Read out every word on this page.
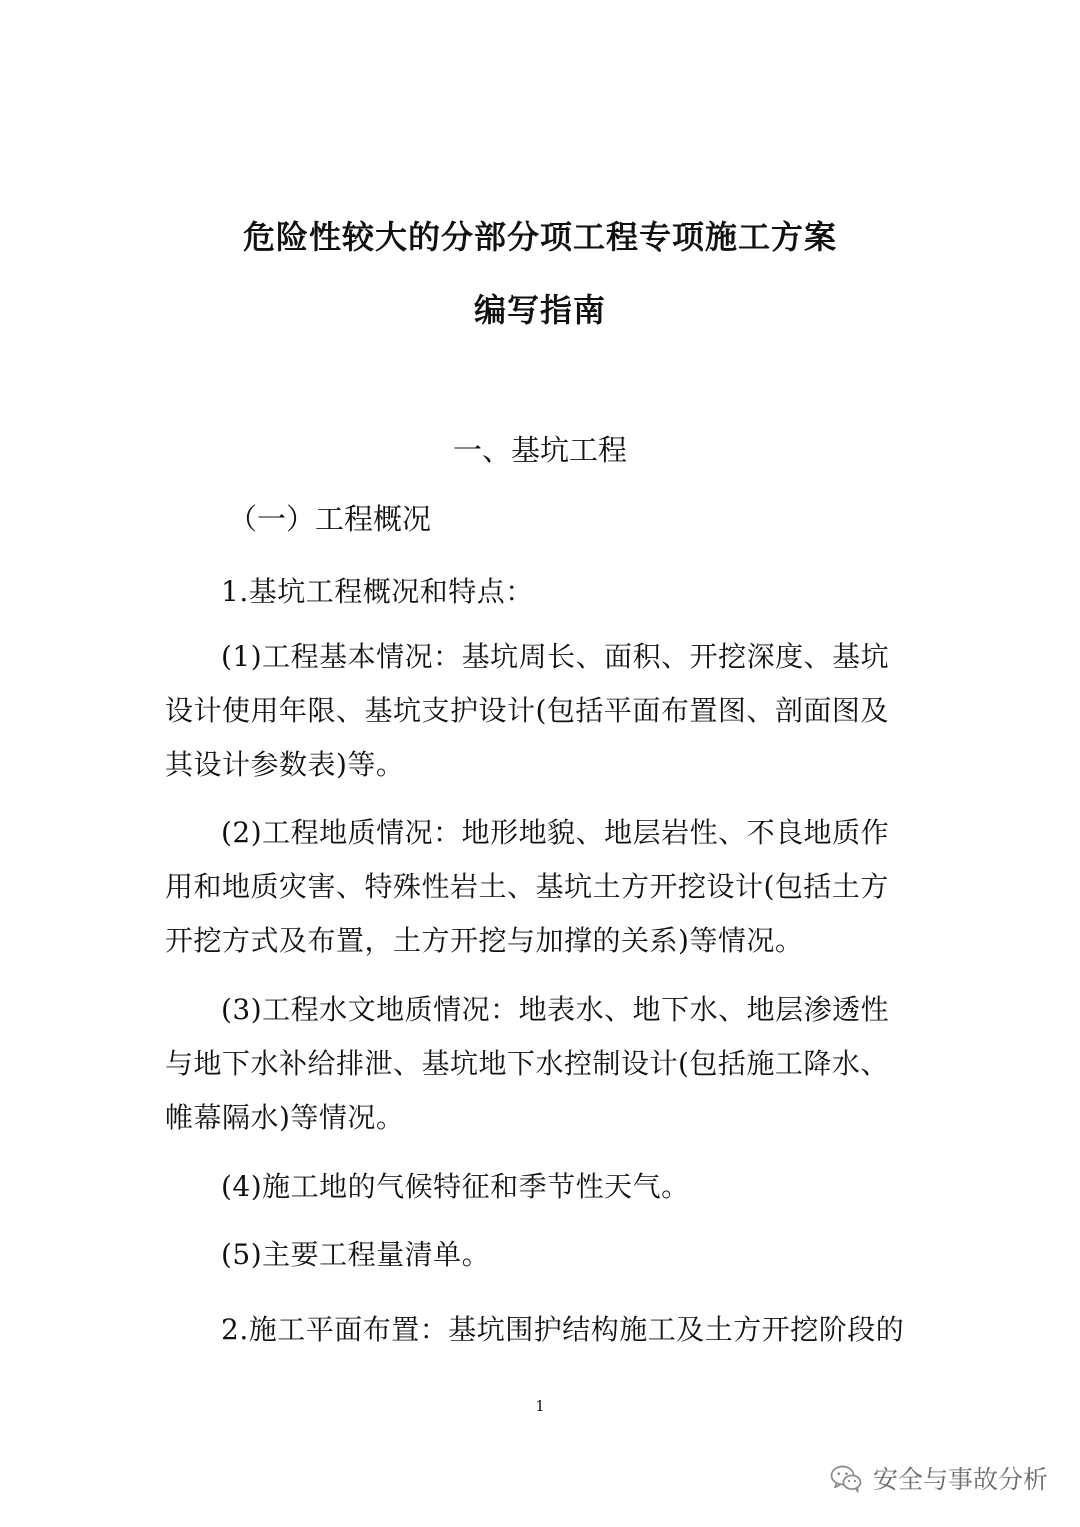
危险性较大的分部分项工程专项施工方案
编写指南
一、基坑工程
（一）工程概况

1.基坑工程概况和特点：

(1)工程基本情况：基坑周长、面积、开挖深度、基坑设计使用年限、基坑支护设计(包括平面布置图、剖面图及其设计参数表)等。

(2)工程地质情况：地形地貌、地层岩性、不良地质作用和地质灾害、特殊性岩土、基坑土方开挖设计(包括土方开挖方式及布置，土方开挖与加撑的关系)等情况。

(3)工程水文地质情况：地表水、地下水、地层渗透性与地下水补给排泄、基坑地下水控制设计(包括施工降水、帷幕隔水)等情况。

(4)施工地的气候特征和季节性天气。

(5)主要工程量清单。

2.施工平面布置：基坑围护结构施工及土方开挖阶段的

1

安全与事故分析
